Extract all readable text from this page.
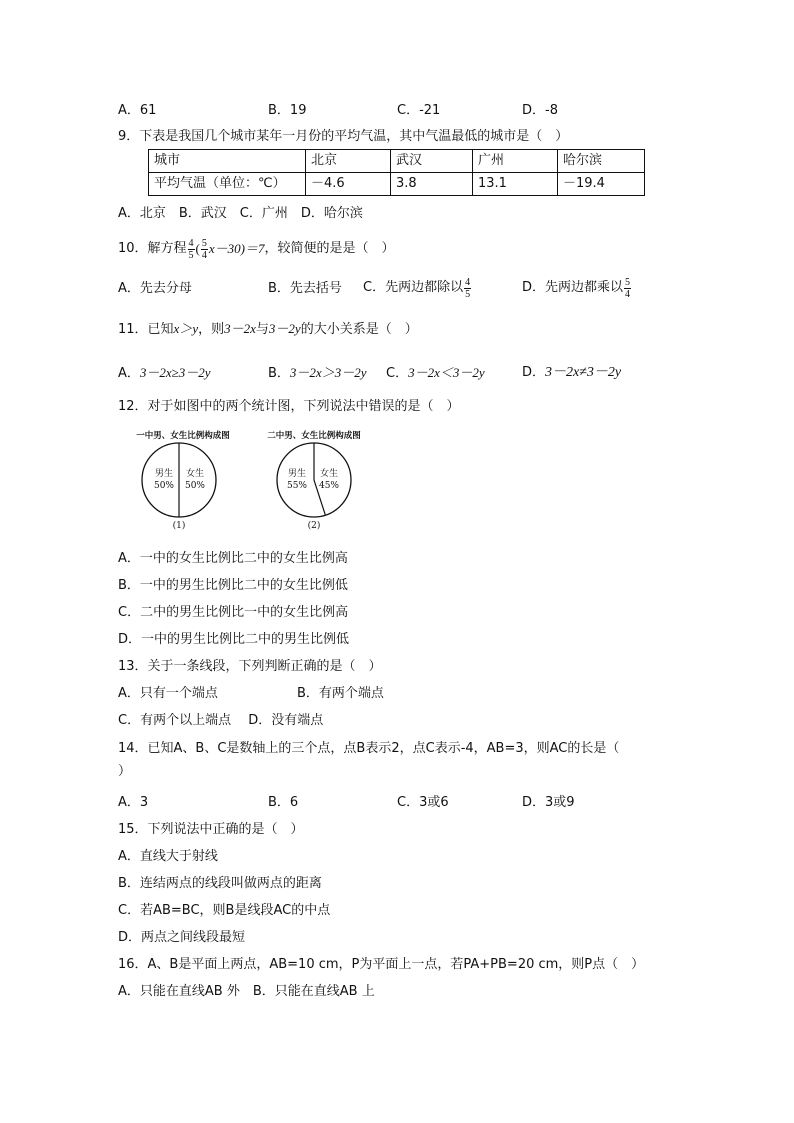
A．61	B．19	C．-21	D．-8
9．下表是我国几个城市某年一月份的平均气温，其中气温最低的城市是（　）
城市	北京	武汉	广州	哈尔滨
平均气温（单位：℃）	－4.6	3.8	13.1	－19.4
A．北京　B．武汉　C．广州　D．哈尔滨
10．解方程 $\frac{4}{5}$ ( $\frac{5}{4} x-30)=7$ ，较简便的是是（　）
A．先去分母	B．先去括号 C．先两边都除以 $\frac{4}{5}$	D．先两边都乘以 $\frac{5}{4}$
11．已知x＞y，则3－2x与3－2y的大小关系是（　）
A．3－2x≥3－2y	B．3－2x＞3－2y C．3－2x＜3－2y	D．3－2x≠3－2y
12．对于如图中的两个统计图，下列说法中错误的是（　）
一中男、女生比例构成图
男生
50%
女生
50%
(1)
二中男、女生比例构成图
男生
55%
女生
45%
(2)
A．一中的女生比例比二中的女生比例高
B．一中的男生比例比二中的女生比例低
C．二中的男生比例比一中的女生比例高
D．一中的男生比例比二中的男生比例低
13．关于一条线段，下列判断正确的是（　）
A．只有一个端点	B．有两个端点
C．有两个以上端点　 D．没有端点
14．已知A、B、C是数轴上的三个点，点B表示2，点C表示-4，AB=3，则AC的长是（
）
A．3	B．6	C．3或6	D．3或9
15．下列说法中正确的是（　）
A．直线大于射线
B．连结两点的线段叫做两点的距离
C．若AB=BC，则B是线段AC的中点
D．两点之间线段最短
16．A、B是平面上两点，AB=10 cm，P为平面上一点，若PA+PB=20 cm，则P点（　）
A．只能在直线AB 外　B．只能在直线AB 上
